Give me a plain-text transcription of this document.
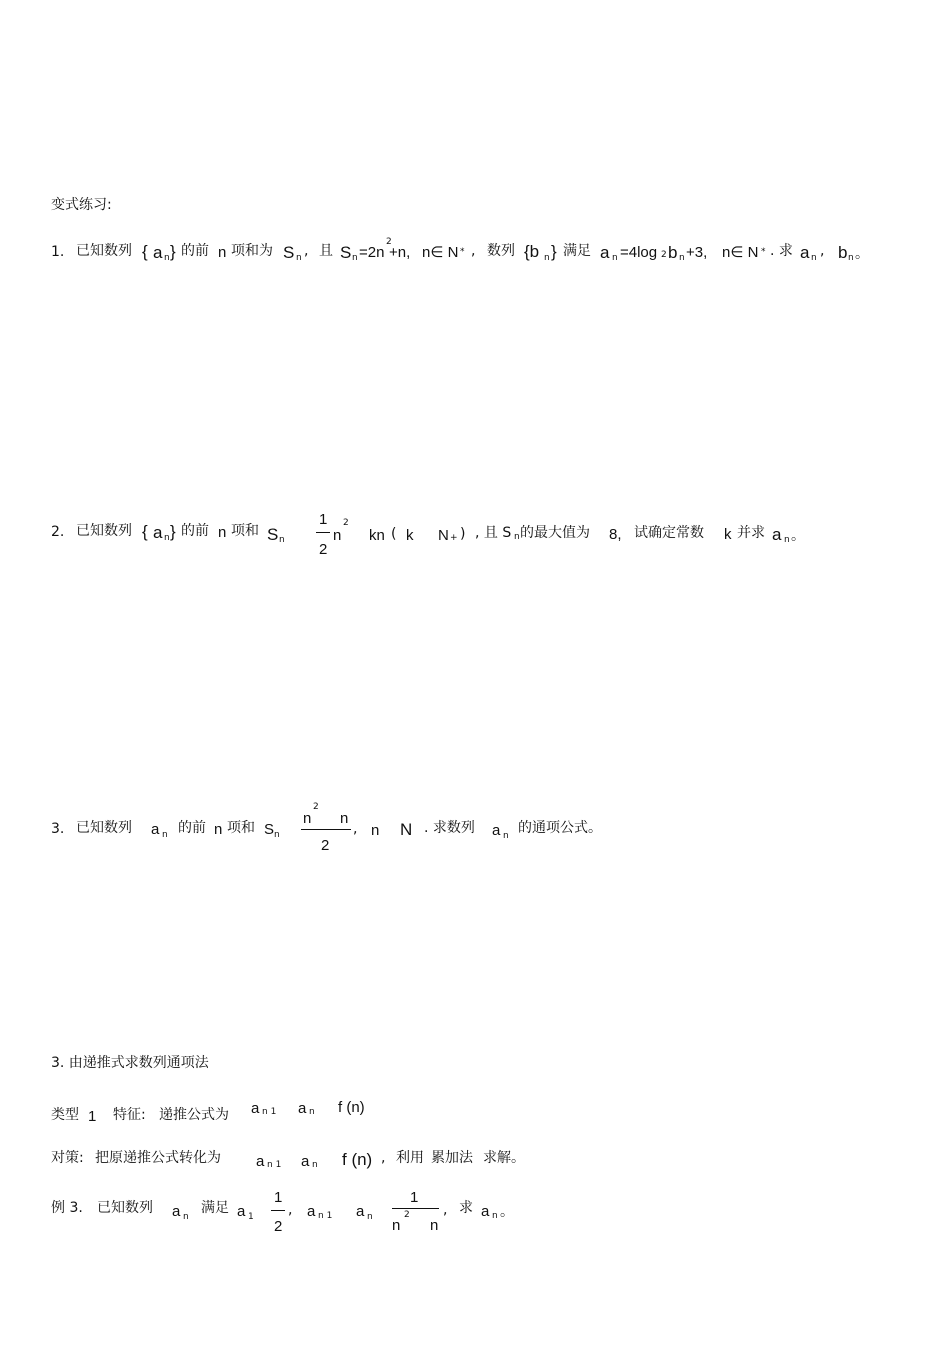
变式练习:
1. 已知数列 { a n } 的前 n 项和为 S n , 且 S n =2n
2
+n, n∈ N * , 数列 {b n } 满足 a n =4log 2 b n +3, n∈ N * . 求 a n , b n 。
2. 已知数列 { a n } 的前 n 项和 S n
1
2
n
2
kn ( k N + ) , 且 S n 的最大值为 8, 试确定常数 k 并求 a n 。
3. 已知数列 a n 的前 n 项和 S n
n
2
n
2
, n N . 求数列 a n 的通项公式。
3. 由递推式求数列通项法
类型 1 特征: 递推公式为 a n 1 a n f (n)
对策: 把原递推公式转化为 a n 1 a n f (n) , 利用 累加法 求解。
例 3. 已知数列 a n
满足 a 1
1
2
, a n 1 a n
1
n
2
n
, 求 a n 。
